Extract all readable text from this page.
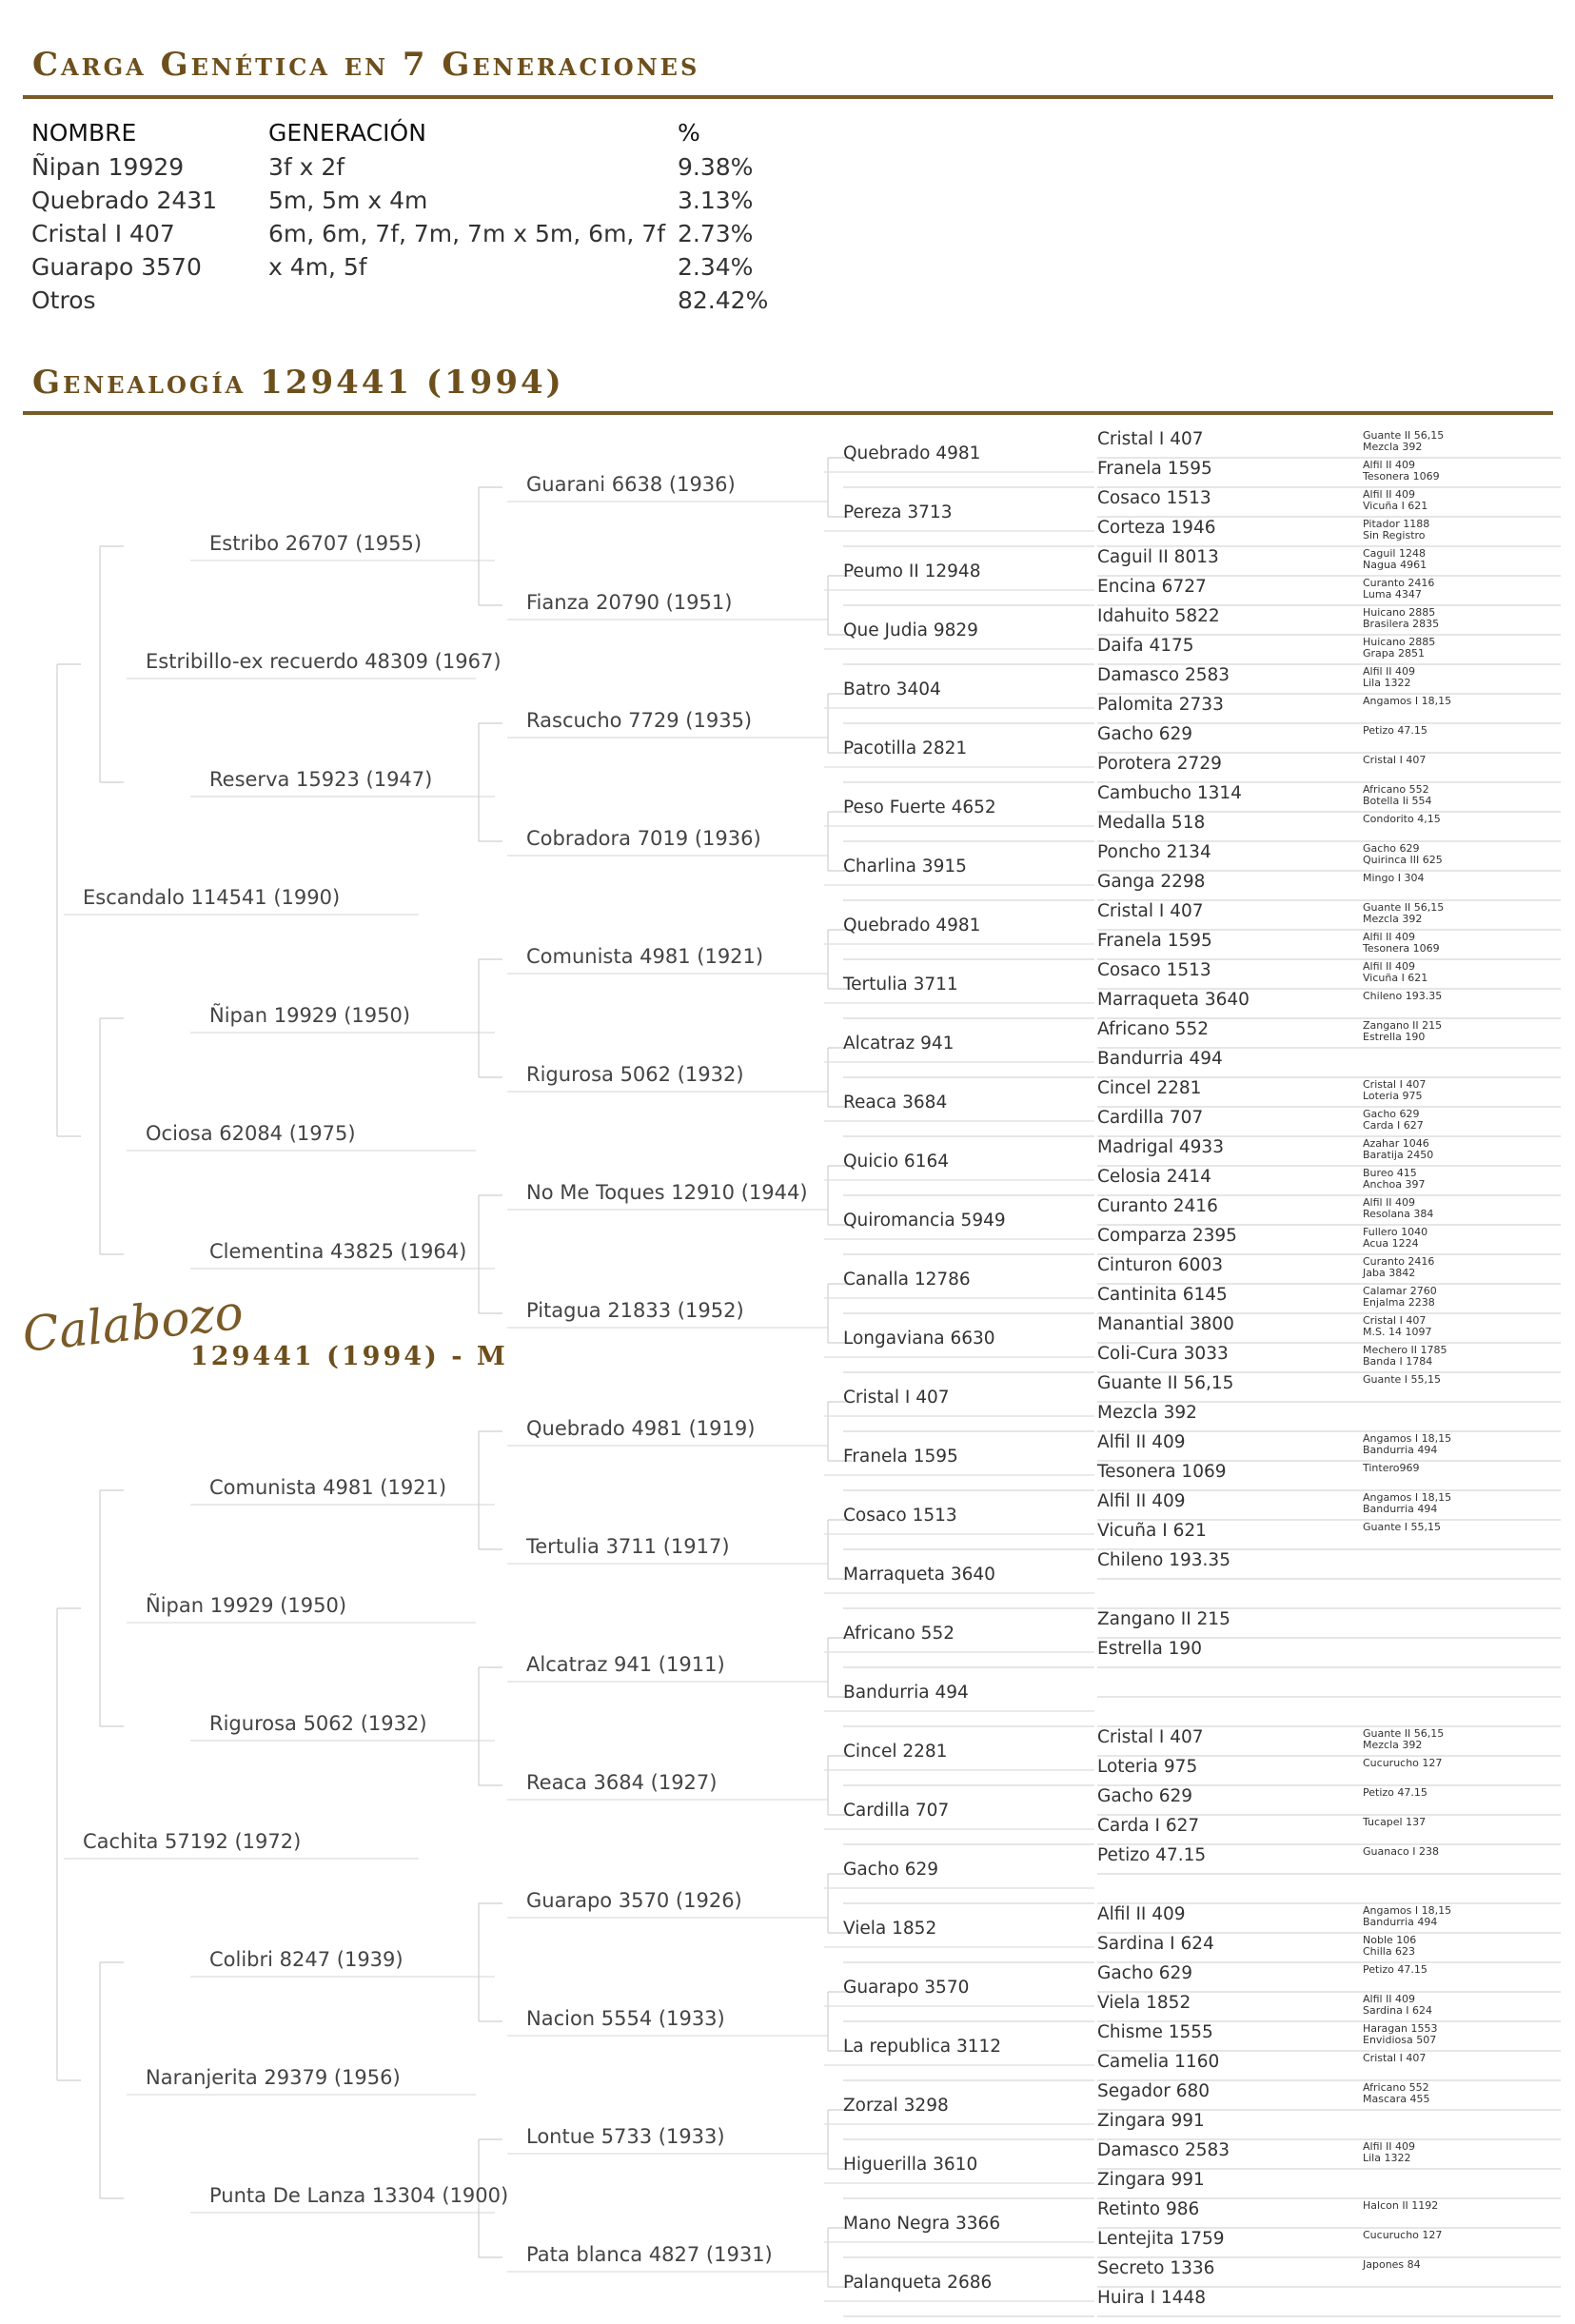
Carga Genética en 7 Generaciones
NOMBRE	GENERACIÓN	%
Ñipan 19929
Quebrado 2431
Cristal I 407
Guarapo 3570
Otros
3f x 2f
5m, 5m x 4m
6m, 6m, 7f, 7m, 7m x 5m, 6m, 7f
x 4m, 5f
9.38%
3.13%
2.73%
2.34%
82.42%
Genealogía 129441 (1994)
Escandalo 114541 (1990)
Cachita 57192 (1972)
Estribillo-ex recuerdo 48309 (1967)
Ociosa 62084 (1975)
Ñipan 19929 (1950)
Naranjerita 29379 (1956)
Estribo 26707 (1955)
Reserva 15923 (1947)
Ñipan 19929 (1950)
Clementina 43825 (1964)
Comunista 4981 (1921)
Rigurosa 5062 (1932)
Colibri 8247 (1939)
Punta De Lanza 13304 (1900)
Guarani 6638 (1936)
Fianza 20790 (1951)
Rascucho 7729 (1935)
Cobradora 7019 (1936)
Comunista 4981 (1921)
Rigurosa 5062 (1932)
No Me Toques 12910 (1944)
Pitagua 21833 (1952)
Quebrado 4981 (1919)
Tertulia 3711 (1917)
Alcatraz 941 (1911)
Reaca 3684 (1927)
Guarapo 3570 (1926)
Nacion 5554 (1933)
Lontue 5733 (1933)
Pata blanca 4827 (1931)
Quebrado 4981
Pereza 3713
Peumo II 12948
Que Judia 9829
Batro 3404
Pacotilla 2821
Peso Fuerte 4652
Charlina 3915
Quebrado 4981
Tertulia 3711
Alcatraz 941
Reaca 3684
Quicio 6164
Quiromancia 5949
Canalla 12786
Longaviana 6630
Cristal I 407
Franela 1595
Cosaco 1513
Marraqueta 3640
Africano 552
Bandurria 494
Cincel 2281
Cardilla 707
Gacho 629
Viela 1852
Guarapo 3570
La republica 3112
Zorzal 3298
Higuerilla 3610
Mano Negra 3366
Palanqueta 2686
Cristal I 407
Franela 1595
Cosaco 1513
Corteza 1946
Caguil II 8013
Encina 6727
Idahuito 5822
Daifa 4175
Damasco 2583
Palomita 2733
Gacho 629
Porotera 2729
Cambucho 1314
Medalla 518
Poncho 2134
Ganga 2298
Cristal I 407
Franela 1595
Cosaco 1513
Marraqueta 3640
Africano 552
Bandurria 494
Cincel 2281
Cardilla 707
Madrigal 4933
Celosia 2414
Curanto 2416
Comparza 2395
Cinturon 6003
Cantinita 6145
Manantial 3800
Coli-Cura 3033
Guante II 56,15
Mezcla 392
Alfil II 409
Tesonera 1069
Alfil II 409
Vicuña I 621
Chileno 193.35
Zangano II 215
Estrella 190
Cristal I 407
Loteria 975
Gacho 629
Carda I 627
Petizo 47.15
Alfil II 409
Sardina I 624
Gacho 629
Viela 1852
Chisme 1555
Camelia 1160
Segador 680
Zingara 991
Damasco 2583
Zingara 991
Retinto 986
Lentejita 1759
Secreto 1336
Huira I 1448
Guante II 56,15
Mezcla 392
Alfil II 409
Tesonera 1069
Alfil II 409
Vicuña I 621
Pitador 1188
Sin Registro
Caguil 1248
Nagua 4961
Curanto 2416
Luma 4347
Huicano 2885
Brasilera 2835
Huicano 2885
Grapa 2851
Alfil II 409
Lila 1322
Angamos I 18,15
Petizo 47.15
Cristal I 407
Africano 552
Botella Ii 554
Condorito 4,15
Gacho 629
Quirinca III 625
Mingo I 304
Guante II 56,15
Mezcla 392
Alfil II 409
Tesonera 1069
Alfil II 409
Vicuña I 621
Chileno 193.35
Zangano II 215
Estrella 190
Cristal I 407
Loteria 975
Gacho 629
Carda I 627
Azahar 1046
Baratija 2450
Bureo 415
Anchoa 397
Alfil II 409
Resolana 384
Fullero 1040
Acua 1224
Curanto 2416
Jaba 3842
Calamar 2760
Enjalma 2238
Cristal I 407
M.S. 14 1097
Mechero II 1785
Banda I 1784
Guante I 55,15
Angamos I 18,15
Bandurria 494
Tintero969
Angamos I 18,15
Bandurria 494
Guante I 55,15
Guante II 56,15
Mezcla 392
Cucurucho 127
Petizo 47.15
Tucapel 137
Guanaco I 238
Angamos I 18,15
Bandurria 494
Noble 106
Chilla 623
Petizo 47.15
Alfil II 409
Sardina I 624
Haragan 1553
Envidiosa 507
Cristal I 407
Africano 552
Mascara 455
Alfil II 409
Lila 1322
Halcon II 1192
Cucurucho 127
Japones 84
Calabozo
129441 (1994) - M
